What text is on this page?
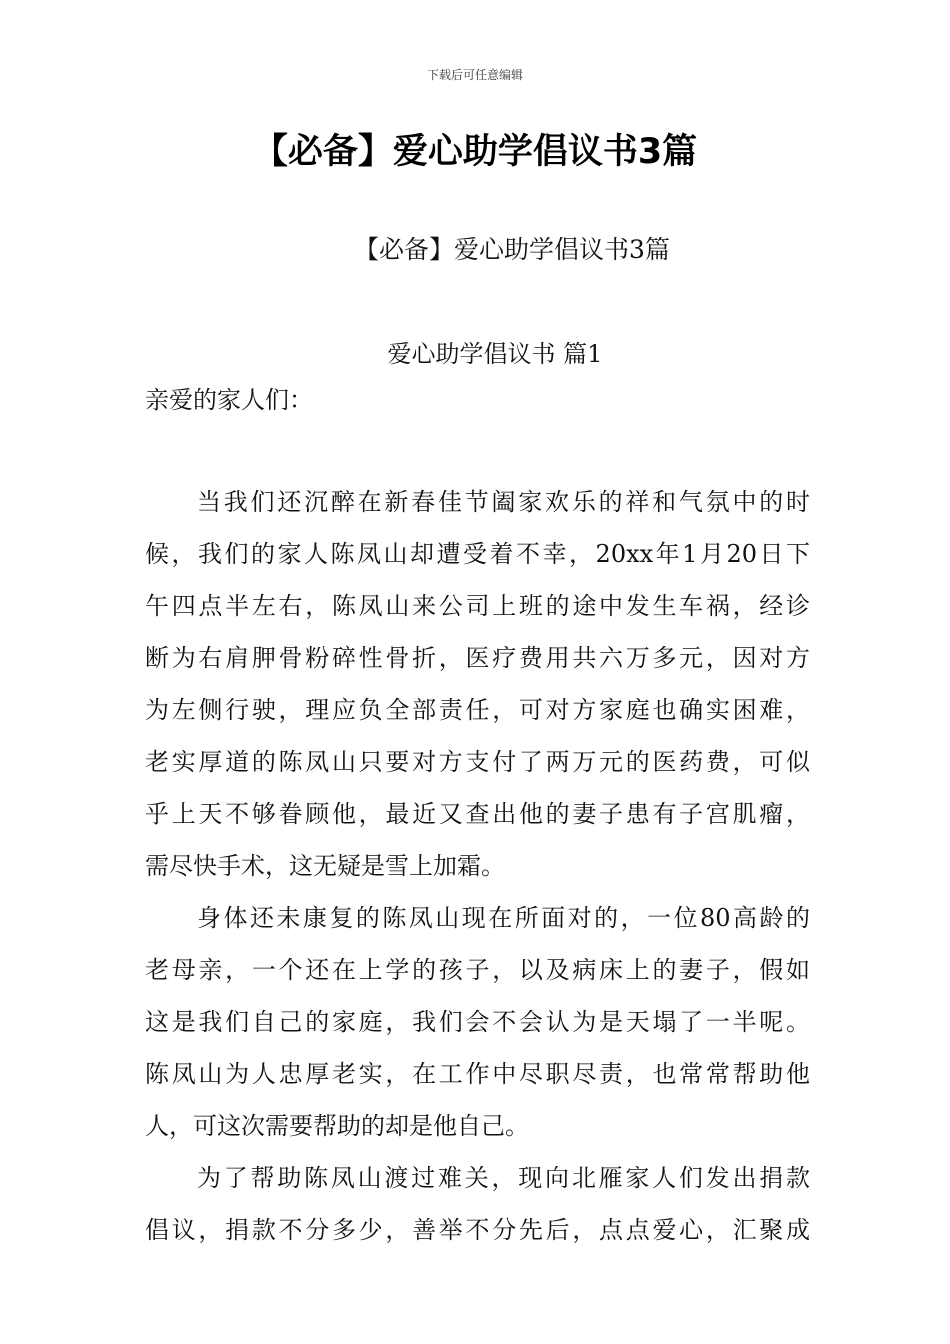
下载后可任意编辑
【必备】爱心助学倡议书3篇
【必备】爱心助学倡议书3篇
爱心助学倡议书 篇1
亲爱的家人们：
当我们还沉醉在新春佳节阖家欢乐的祥和气氛中的时
候，我们的家人陈凤山却遭受着不幸，20xx年1月20日下
午四点半左右，陈凤山来公司上班的途中发生车祸，经诊
断为右肩胛骨粉碎性骨折，医疗费用共六万多元，因对方
为左侧行驶，理应负全部责任，可对方家庭也确实困难，
老实厚道的陈凤山只要对方支付了两万元的医药费，可似
乎上天不够眷顾他，最近又查出他的妻子患有子宫肌瘤，
需尽快手术，这无疑是雪上加霜。
身体还未康复的陈凤山现在所面对的，一位80高龄的
老母亲，一个还在上学的孩子，以及病床上的妻子，假如
这是我们自己的家庭，我们会不会认为是天塌了一半呢。
陈凤山为人忠厚老实，在工作中尽职尽责，也常常帮助他
人，可这次需要帮助的却是他自己。
为了帮助陈凤山渡过难关，现向北雁家人们发出捐款
倡议，捐款不分多少，善举不分先后，点点爱心，汇聚成
